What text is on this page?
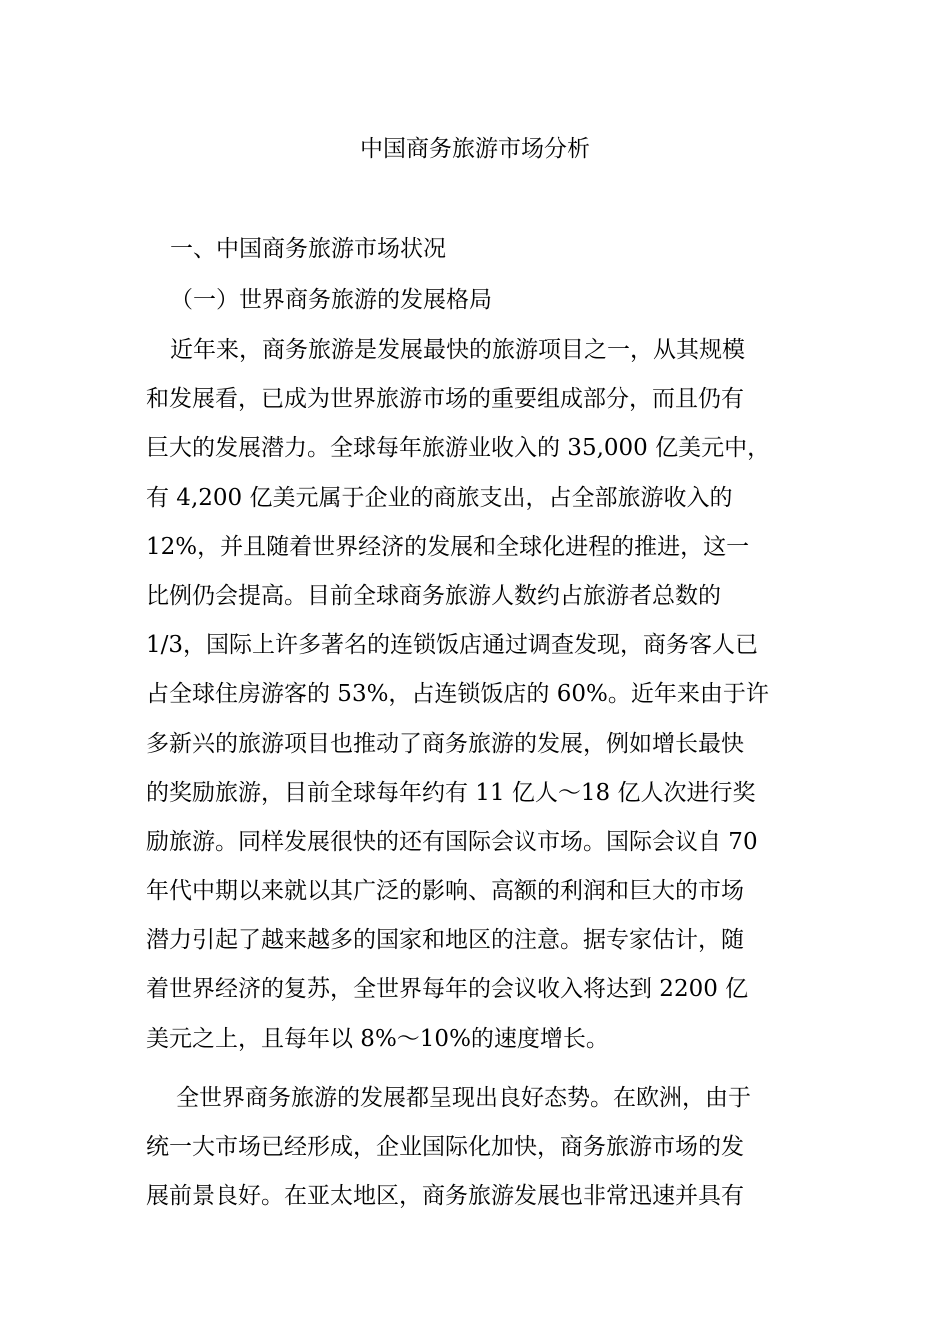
中国商务旅游市场分析
一、中国商务旅游市场状况
（一）世界商务旅游的发展格局
近年来，商务旅游是发展最快的旅游项目之一，从其规模
和发展看，已成为世界旅游市场的重要组成部分，而且仍有
巨大的发展潜力。全球每年旅游业收入的 35,000 亿美元中，
有 4,200 亿美元属于企业的商旅支出，占全部旅游收入的
12%，并且随着世界经济的发展和全球化进程的推进，这一
比例仍会提高。目前全球商务旅游人数约占旅游者总数的
1/3，国际上许多著名的连锁饭店通过调查发现，商务客人已
占全球住房游客的 53%，占连锁饭店的 60%。近年来由于许
多新兴的旅游项目也推动了商务旅游的发展，例如增长最快
的奖励旅游，目前全球每年约有 11 亿人～18 亿人次进行奖
励旅游。同样发展很快的还有国际会议市场。国际会议自 70
年代中期以来就以其广泛的影响、高额的利润和巨大的市场
潜力引起了越来越多的国家和地区的注意。据专家估计，随
着世界经济的复苏，全世界每年的会议收入将达到 2200 亿
美元之上，且每年以 8%～10%的速度增长。
全世界商务旅游的发展都呈现出良好态势。在欧洲，由于
统一大市场已经形成，企业国际化加快，商务旅游市场的发
展前景良好。在亚太地区，商务旅游发展也非常迅速并具有
